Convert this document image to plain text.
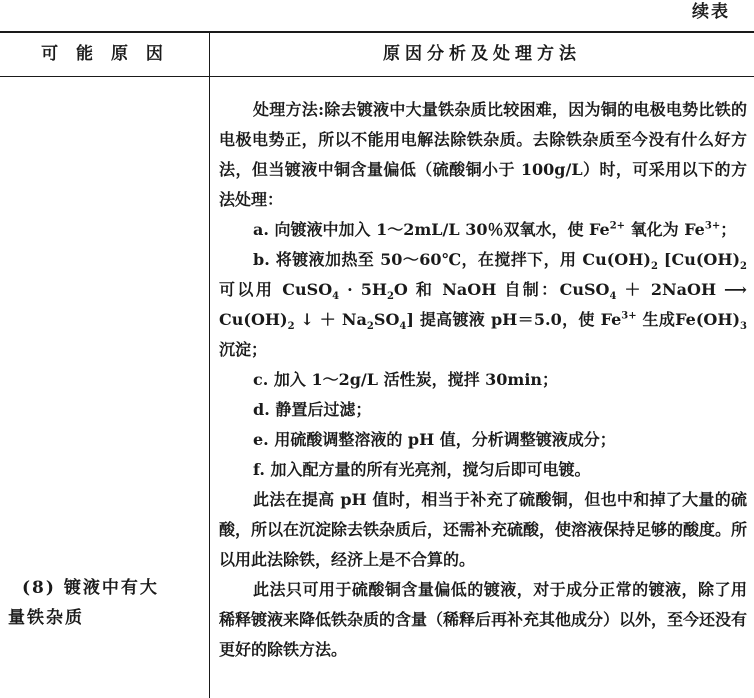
续表
可 能 原 因	原因分析及处理方法
(8) 镀液中有大
量铁杂质

处理方法:除去镀液中大量铁杂质比较困难，因为铜的电极电势比铁的电极电势正，所以不能用电解法除铁杂质。去除铁杂质至今没有什么好方法，但当镀液中铜含量偏低（硫酸铜小于 100g/L）时，可采用以下的方法处理：

a. 向镀液中加入 1～2mL/L 30％双氧水，使 $Fe^{2+}$ 氧化为 $Fe^{3+}$；

b. 将镀液加热至 50～60℃，在搅拌下，用 $Cu(OH)_2$ [$Cu(OH)_2$ 可以用 CuSO$_4$ · $5H_2O$ 和 NaOH 自制：CuSO$_4$ ＋ 2NaOH ⟶ $Cu(OH)_2$ ↓ ＋ $Na_2SO_4$] 提高镀液 pH＝5.0，使 $Fe^{3+}$ 生成$Fe(OH)_3$沉淀；

c. 加入 1～2g/L 活性炭，搅拌 30min；

d. 静置后过滤；

e. 用硫酸调整溶液的 pH 值，分析调整镀液成分；

f. 加入配方量的所有光亮剂，搅匀后即可电镀。

此法在提高 pH 值时，相当于补充了硫酸铜，但也中和掉了大量的硫酸，所以在沉淀除去铁杂质后，还需补充硫酸，使溶液保持足够的酸度。所以用此法除铁，经济上是不合算的。

此法只可用于硫酸铜含量偏低的镀液，对于成分正常的镀液，除了用稀释镀液来降低铁杂质的含量（稀释后再补充其他成分）以外，至今还没有更好的除铁方法。
